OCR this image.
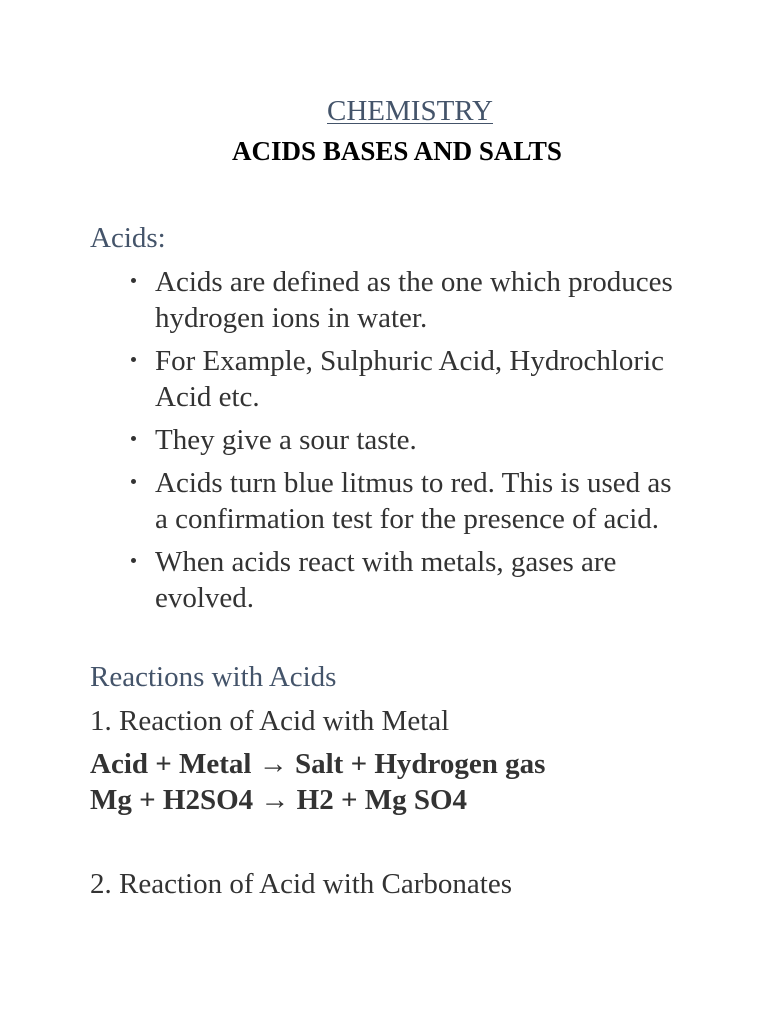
CHEMISTRY
ACIDS BASES AND SALTS
Acids:
Acids are defined as the one which produces hydrogen ions in water.
For Example, Sulphuric Acid, Hydrochloric Acid etc.
They give a sour taste.
Acids turn blue litmus to red. This is used as a confirmation test for the presence of acid.
When acids react with metals, gases are evolved.
Reactions with Acids
1. Reaction of Acid with Metal
Acid + Metal → Salt + Hydrogen gas
Mg + H2SO4 → H2 + Mg SO4
2. Reaction of Acid with Carbonates
